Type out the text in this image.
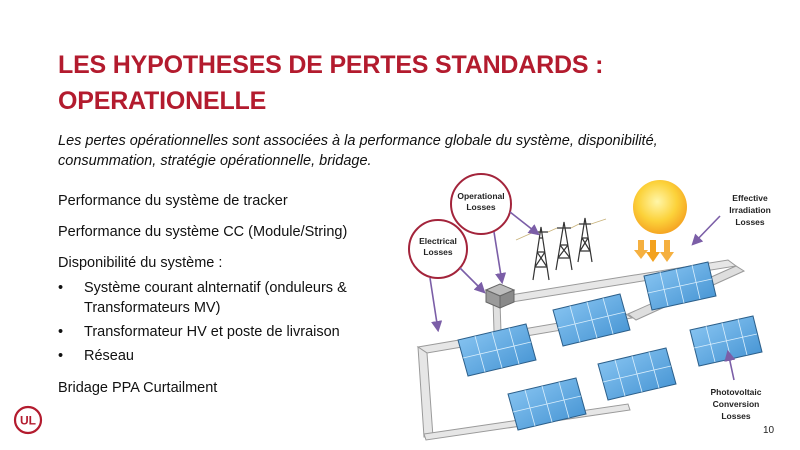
LES HYPOTHESES DE PERTES STANDARDS :
OPERATIONELLE

Les pertes opérationnelles sont associées à la performance globale du système, disponibilité, consummation, stratégie opérationnelle, bridage.

Performance du système de tracker

Performance du système CC (Module/String)

Disponibilité du système :

• Système courant alnternatif (onduleurs & Transformateurs MV)
• Transformateur HV et poste de livraison
• Réseau

Bridage PPA Curtailment

Operational
Losses
Electrical
Losses
Effective
Irradiation
Losses
Photovoltaic
Conversion
Losses
UL
10
